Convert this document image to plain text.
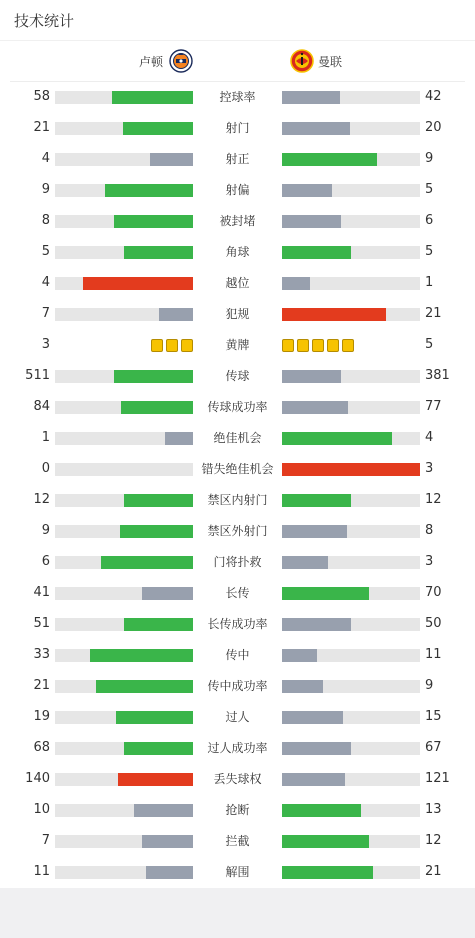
技术统计
卢顿	曼联
58	控球率	42
21	射门	20
4	射正	9
9	射偏	5
8	被封堵	6
5	角球	5
4	越位	1
7	犯规	21
3	黄牌	5
511	传球	381
84	传球成功率	77
1	绝佳机会	4
0	错失绝佳机会	3
12	禁区内射门	12
9	禁区外射门	8
6	门将扑救	3
41	长传	70
51	长传成功率	50
33	传中	11
21	传中成功率	9
19	过人	15
68	过人成功率	67
140	丢失球权	121
10	抢断	13
7	拦截	12
11	解围	21
